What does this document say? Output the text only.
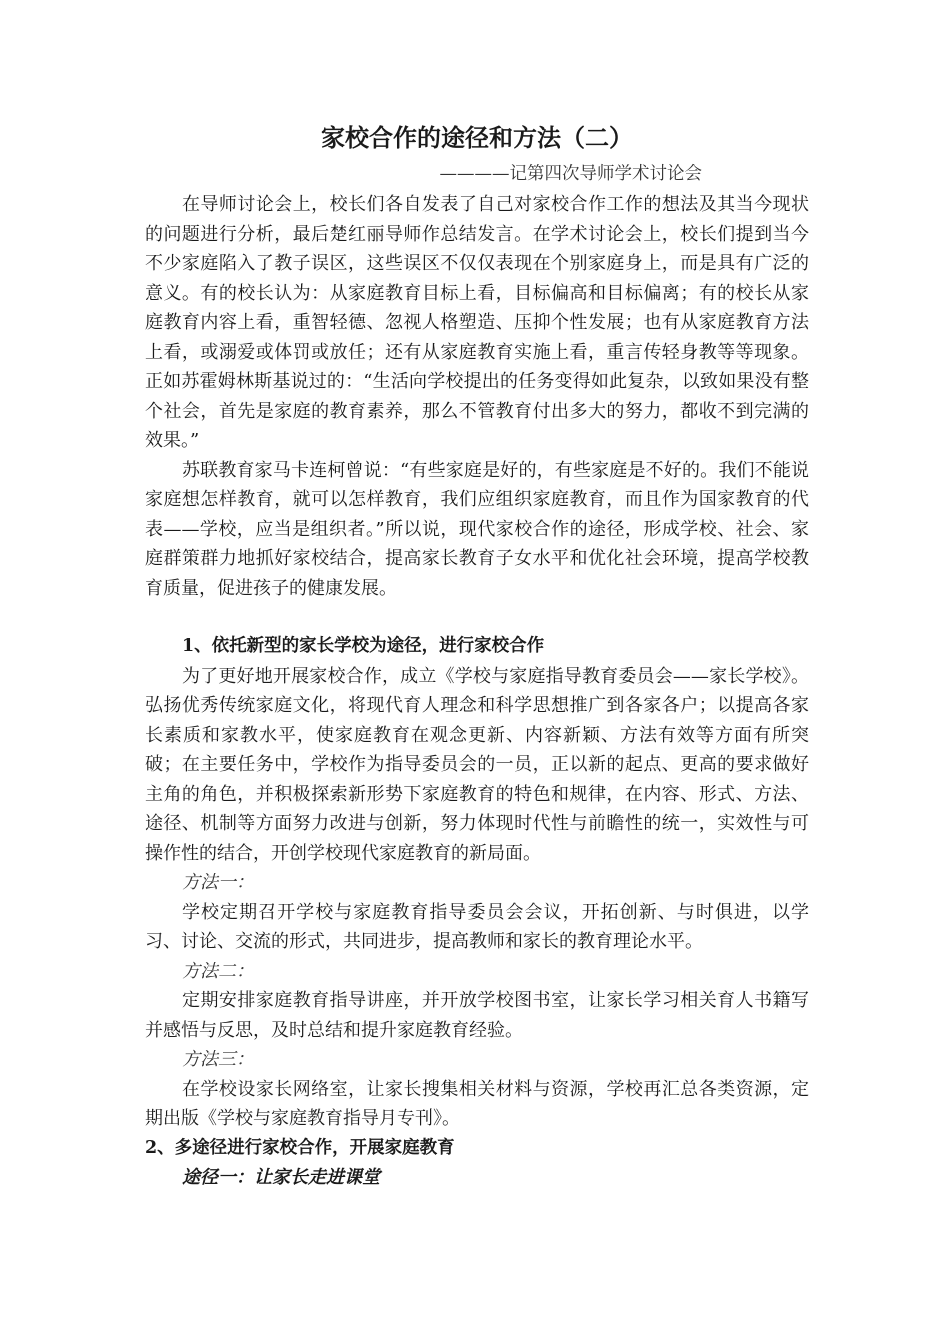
家校合作的途径和方法（二）

————记第四次导师学术讨论会

在导师讨论会上，校长们各自发表了自己对家校合作工作的想法及其当今现状的问题进行分析，最后楚红丽导师作总结发言。在学术讨论会上，校长们提到当今不少家庭陷入了教子误区，这些误区不仅仅表现在个别家庭身上，而是具有广泛的意义。有的校长认为：从家庭教育目标上看，目标偏高和目标偏离；有的校长从家庭教育内容上看，重智轻德、忽视人格塑造、压抑个性发展；也有从家庭教育方法上看，或溺爱或体罚或放任；还有从家庭教育实施上看，重言传轻身教等等现象。正如苏霍姆林斯基说过的：“生活向学校提出的任务变得如此复杂，以致如果没有整个社会，首先是家庭的教育素养，那么不管教育付出多大的努力，都收不到完满的效果。”

苏联教育家马卡连柯曾说：“有些家庭是好的，有些家庭是不好的。我们不能说家庭想怎样教育，就可以怎样教育，我们应组织家庭教育，而且作为国家教育的代表——学校，应当是组织者。”所以说，现代家校合作的途径，形成学校、社会、家庭群策群力地抓好家校结合，提高家长教育子女水平和优化社会环境，提高学校教育质量，促进孩子的健康发展。

1、依托新型的家长学校为途径，进行家校合作

为了更好地开展家校合作，成立《学校与家庭指导教育委员会——家长学校》。弘扬优秀传统家庭文化，将现代育人理念和科学思想推广到各家各户；以提高各家长素质和家教水平，使家庭教育在观念更新、内容新颖、方法有效等方面有所突破；在主要任务中，学校作为指导委员会的一员，正以新的起点、更高的要求做好主角的角色，并积极探索新形势下家庭教育的特色和规律，在内容、形式、方法、途径、机制等方面努力改进与创新，努力体现时代性与前瞻性的统一，实效性与可操作性的结合，开创学校现代家庭教育的新局面。

方法一：

学校定期召开学校与家庭教育指导委员会会议，开拓创新、与时俱进，以学习、讨论、交流的形式，共同进步，提高教师和家长的教育理论水平。

方法二：

定期安排家庭教育指导讲座，并开放学校图书室，让家长学习相关育人书籍写并感悟与反思，及时总结和提升家庭教育经验。

方法三：

在学校设家长网络室，让家长搜集相关材料与资源，学校再汇总各类资源，定期出版《学校与家庭教育指导月专刊》。

2、多途径进行家校合作，开展家庭教育

途径一：让家长走进课堂
